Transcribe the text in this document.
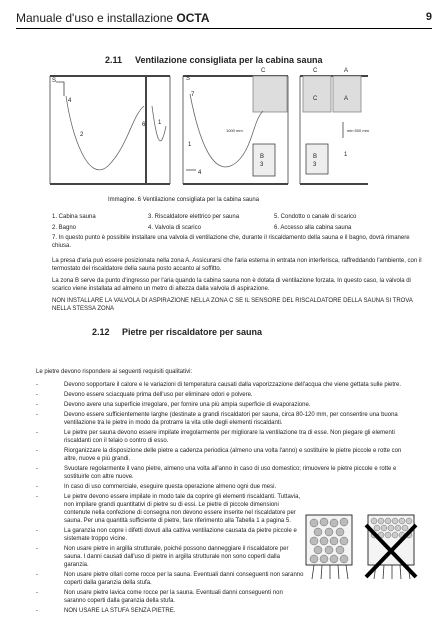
Manuale d'uso e installazione OCTA	9
2.11 Ventilazione consigliata per la cabina sauna
S	S
4
2
6 1
7
C	C	A
1000 mm
1
B
3
4
C	A
min 500 mm
B
3
1
Immagine. 6 Ventilazione consigliata per la cabina sauna
1. Cabina sauna	3. Riscaldatore elettrico per sauna	5. Condotto o canale di scarico
2. Bagno	4. Valvola di scarico	6. Accesso alla cabina sauna
7. In questo punto è possibile installare una valvola di ventilazione che, durante il riscaldamento della sauna e il bagno, dovrà rimanere chiusa.
La presa d'aria può essere posizionata nella zona A. Assicurarsi che l'aria esterna in entrata non interferisca, raffreddando l'ambiente, con il termostato del riscaldatore della sauna posto accanto al soffitto.
La zona B serve da punto d'ingresso per l'aria quando la cabina sauna non è dotata di ventilazione forzata. In questo caso, la valvola di scarico viene installata ad almeno un metro di altezza dalla valvola di aspirazione.
NON INSTALLARE LA VALVOLA DI ASPIRAZIONE NELLA ZONA C SE IL SENSORE DEL RISCALDATORE DELLA SAUNA SI TROVA NELLA STESSA ZONA
2.12 Pietre per riscaldatore per sauna
Le pietre devono rispondere ai seguenti requisiti qualitativi:
- Devono sopportare il calore e le variazioni di temperatura causati dalla vaporizzazione dell'acqua che viene gettata sulle pietre.
- Devono essere sciacquate prima dell'uso per eliminare odori e polvere.
- Devono avere una superficie irregolare, per fornire una più ampia superficie di evaporazione.
- Devono essere sufficientemente larghe (destinate a grandi riscaldatori per sauna, circa 80-120 mm, per consentire una buona ventilazione tra le pietre in modo da protrarre la vita utile degli elementi riscaldanti.
- Le pietre per sauna devono essere impilate irregolarmente per migliorare la ventilazione tra di esse. Non piegare gli elementi riscaldanti con il telaio o contro di esso.
- Riorganizzare la disposizione delle pietre a cadenza periodica (almeno una volta l'anno) e sostituire le pietre piccole e rotte con altre, nuove e più grandi.
- Svuotare regolarmente il vano pietre, almeno una volta all'anno in caso di uso domestico; rimuovere le pietre piccole e rotte e sostituirle con altre nuove.
- In caso di uso commerciale, eseguire questa operazione almeno ogni due mesi.
- Le pietre devono essere impilate in modo tale da coprire gli elementi riscaldanti. Tuttavia, non impilare grandi quantitativi di pietre su di essi. Le pietre di piccole dimensioni contenute nella confezione di consegna non devono essere inserite nel riscaldatore per sauna. Per una quantità sufficiente di pietre, fare riferimento alla Tabella 1 a pagina 5.
- La garanzia non copre i difetti dovuti alla cattiva ventilazione causata da pietre piccole e sistemate troppo vicine.
- Non usare pietre in argilla strutturale, poiché possono danneggiare il riscaldatore per sauna. I danni causati dall'uso di pietre in argilla strutturale non sono coperti dalla garanzia.
- Non usare pietre ollari come rocce per la sauna. Eventuali danni conseguenti non saranno coperti dalla garanzia della stufa.
- Non usare pietre lavica come rocce per la sauna. Eventuali danni conseguenti non saranno coperti dalla garanzia della stufa.
- NON USARE LA STUFA SENZA PIETRE.
